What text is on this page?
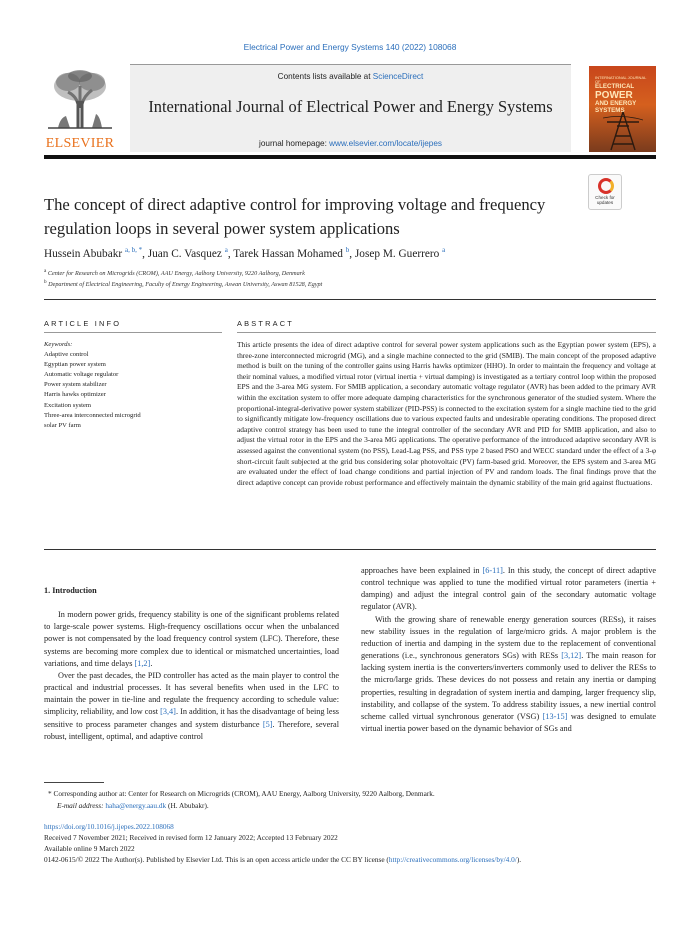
Electrical Power and Energy Systems 140 (2022) 108068
ELSEVIER
Contents lists available at ScienceDirect
International Journal of Electrical Power and Energy Systems
journal homepage: www.elsevier.com/locate/ijepes
INTERNATIONAL JOURNAL OF
ELECTRICAL
POWER
AND ENERGY
SYSTEMS
The concept of direct adaptive control for improving voltage and frequency regulation loops in several power system applications
Check for updates
Hussein Abubakr $^{a, b, *}$, Juan C. Vasquez $^a$, Tarek Hassan Mohamed $^b$, Josep M. Guerrero $^a$
$^a$ Center for Research on Microgrids (CROM), AAU Energy, Aalborg University, 9220 Aalborg, Denmark
$^b$ Department of Electrical Engineering, Faculty of Energy Engineering, Aswan University, Aswan 81528, Egypt
ARTICLE INFO
Keywords:
Adaptive control
Egyptian power system
Automatic voltage regulator
Power system stabilizer
Harris hawks optimizer
Excitation system
Three-area interconnected microgrid
solar PV farm
ABSTRACT
This article presents the idea of direct adaptive control for several power system applications such as the Egyptian power system (EPS), a three-zone interconnected microgrid (MG), and a single machine connected to the grid (SMIB). The main concept of the proposed adaptive method is built on the tuning of the controller gains using Harris hawks optimizer (HHO). In order to maintain the frequency and voltage at their nominal values, a modified virtual rotor (virtual inertia + virtual damping) is investigated as a tertiary control loop within the proposed EPS and the 3-area MG system. For SMIB application, a secondary automatic voltage regulator (AVR) has been added to the primary AVR within the excitation system to offer more adequate damping characteristics for the synchronous generator of the studied system. Where the proportional-integral-derivative power system stabilizer (PID-PSS) is connected to the excitation system for a single machine tied to the grid to significantly mitigate low-frequency oscillations due to various expected faults and undesirable operating conditions. The proposed direct adaptive control strategy has been used to tune the integral controller of the secondary AVR and PID for SMIB application, and also to adjust the virtual rotor in the EPS and the 3-area MG applications. The operative performance of the introduced adaptive secondary AVR is assessed against the conventional system (no PSS), Lead-Lag PSS, and PSS type 2 based PSO and WECC standard under the effect of a 3-φ short-circuit fault subjected at the grid bus considering solar photovoltaic (PV) farm-based grid. Moreover, the EPS system and 3-area MG are evaluated under the effect of load change conditions and partial injection of PV and random loads. The final findings prove that the direct adaptive concept can provide robust performance and effectively maintain the dynamic stability of the main grid against fluctuations.
1. Introduction

In modern power grids, frequency stability is one of the significant problems related to large-scale power systems. High-frequency oscillations occur when the unbalanced power is not compensated by the load frequency control system (LFC). Therefore, these systems are becoming more complex due to identical or mismatched uncertainties, load variations, and time delays [1,2].

Over the past decades, the PID controller has acted as the main player to control the practical and industrial processes. It has several benefits when used in the LFC to maintain the power in tie-line and regulate the frequency according to schedule value: simplicity, reliability, and low cost [3,4]. In addition, it has the disadvantage of being less sensitive to process parameter changes and system disturbance [5]. Therefore, several robust, intelligent, optimal, and adaptive control

approaches have been explained in [6-11]. In this study, the concept of direct adaptive control technique was applied to tune the modified virtual rotor parameters (inertia + damping) and adjust the integral control gain of the secondary automatic voltage regulator (AVR).

With the growing share of renewable energy generation sources (RESs), it raises new stability issues in the regulation of large/micro grids. A major problem is the reduction of inertia and damping in the system due to the replacement of conventional generations (i.e., synchronous generators SGs) with RESs [3,12]. The main reason for lacking system inertia is the converters/inverters commonly used to deliver the RESs to the micro/large grids. These devices do not possess and retain any inertia or damping properties, resulting in degradation of system inertia and damping, larger frequency slip, instability, and collapse of the system. To address stability issues, a new inertial control scheme called virtual synchronous generator (VSG) [13-15] was designed to emulate virtual inertia power based on the dynamic behavior of SGs and

* Corresponding author at: Center for Research on Microgrids (CROM), AAU Energy, Aalborg University, 9220 Aalborg, Denmark.
E-mail address: haha@energy.aau.dk (H. Abubakr).
https://doi.org/10.1016/j.ijepes.2022.108068
Received 7 November 2021; Received in revised form 12 January 2022; Accepted 13 February 2022
Available online 9 March 2022
0142-0615/© 2022 The Author(s). Published by Elsevier Ltd. This is an open access article under the CC BY license (http://creativecommons.org/licenses/by/4.0/).
